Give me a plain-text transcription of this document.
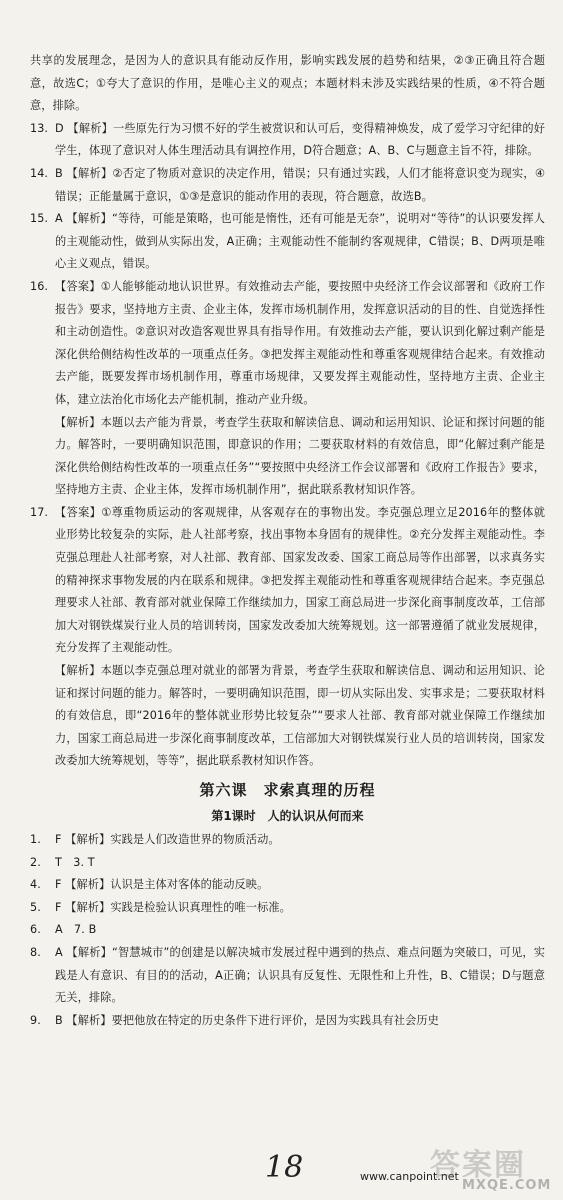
共享的发展理念，是因为人的意识具有能动反作用，影响实践发展的趋势和结果，②③正确且符合题意，故选C；①夸大了意识的作用，是唯心主义的观点；本题材料未涉及实践结果的性质，④不符合题意，排除。
13. D 【解析】一些原先行为习惯不好的学生被赏识和认可后，变得精神焕发，成了爱学习守纪律的好学生，体现了意识对人体生理活动具有调控作用，D符合题意；A、B、C与题意主旨不符，排除。
14. B 【解析】②否定了物质对意识的决定作用，错误；只有通过实践，人们才能将意识变为现实，④错误；正能量属于意识，①③是意识的能动作用的表现，符合题意，故选B。
15. A 【解析】“等待，可能是策略，也可能是惰性，还有可能是无奈”，说明对“等待”的认识要发挥人的主观能动性，做到从实际出发，A正确；主观能动性不能制约客观规律，C错误；B、D两项是唯心主义观点，错误。
16. 【答案】①人能够能动地认识世界。有效推动去产能，要按照中央经济工作会议部署和《政府工作报告》要求，坚持地方主责、企业主体，发挥市场机制作用，发挥意识活动的目的性、自觉选择性和主动创造性。②意识对改造客观世界具有指导作用。有效推动去产能，要认识到化解过剩产能是深化供给侧结构性改革的一项重点任务。③把发挥主观能动性和尊重客观规律结合起来。有效推动去产能，既要发挥市场机制作用，尊重市场规律，又要发挥主观能动性，坚持地方主责、企业主体，建立法治化市场化去产能机制，推动产业升级。
【解析】本题以去产能为背景，考查学生获取和解读信息、调动和运用知识、论证和探讨问题的能力。解答时，一要明确知识范围，即意识的作用；二要获取材料的有效信息，即“化解过剩产能是深化供给侧结构性改革的一项重点任务”“要按照中央经济工作会议部署和《政府工作报告》要求，坚持地方主责、企业主体，发挥市场机制作用”，据此联系教材知识作答。
17. 【答案】①尊重物质运动的客观规律，从客观存在的事物出发。李克强总理立足2016年的整体就业形势比较复杂的实际，赴人社部考察，找出事物本身固有的规律性。②充分发挥主观能动性。李克强总理赴人社部考察，对人社部、教育部、国家发改委、国家工商总局等作出部署，以求真务实的精神探求事物发展的内在联系和规律。③把发挥主观能动性和尊重客观规律结合起来。李克强总理要求人社部、教育部对就业保障工作继续加力，国家工商总局进一步深化商事制度改革，工信部加大对钢铁煤炭行业人员的培训转岗，国家发改委加大统筹规划。这一部署遵循了就业发展规律，充分发挥了主观能动性。
【解析】本题以李克强总理对就业的部署为背景，考查学生获取和解读信息、调动和运用知识、论证和探讨问题的能力。解答时，一要明确知识范围，即一切从实际出发、实事求是；二要获取材料的有效信息，即“2016年的整体就业形势比较复杂”“要求人社部、教育部对就业保障工作继续加力，国家工商总局进一步深化商事制度改革，工信部加大对钢铁煤炭行业人员的培训转岗，国家发改委加大统筹规划，等等”，据此联系教材知识作答。
第六课　求索真理的历程
第1课时　人的认识从何而来
1. F 【解析】实践是人们改造世界的物质活动。
2. T　3. T
4. F 【解析】认识是主体对客体的能动反映。
5. F 【解析】实践是检验认识真理性的唯一标准。
6. A　7. B
8. A 【解析】“智慧城市”的创建是以解决城市发展过程中遇到的热点、难点问题为突破口，可见，实践是人有意识、有目的的活动，A正确；认识具有反复性、无限性和上升性，B、C错误；D与题意无关，排除。
9. B 【解析】要把他放在特定的历史条件下进行评价，是因为实践具有社会历史
18	www.canpoint.net
答案圈
MXQE.COM
